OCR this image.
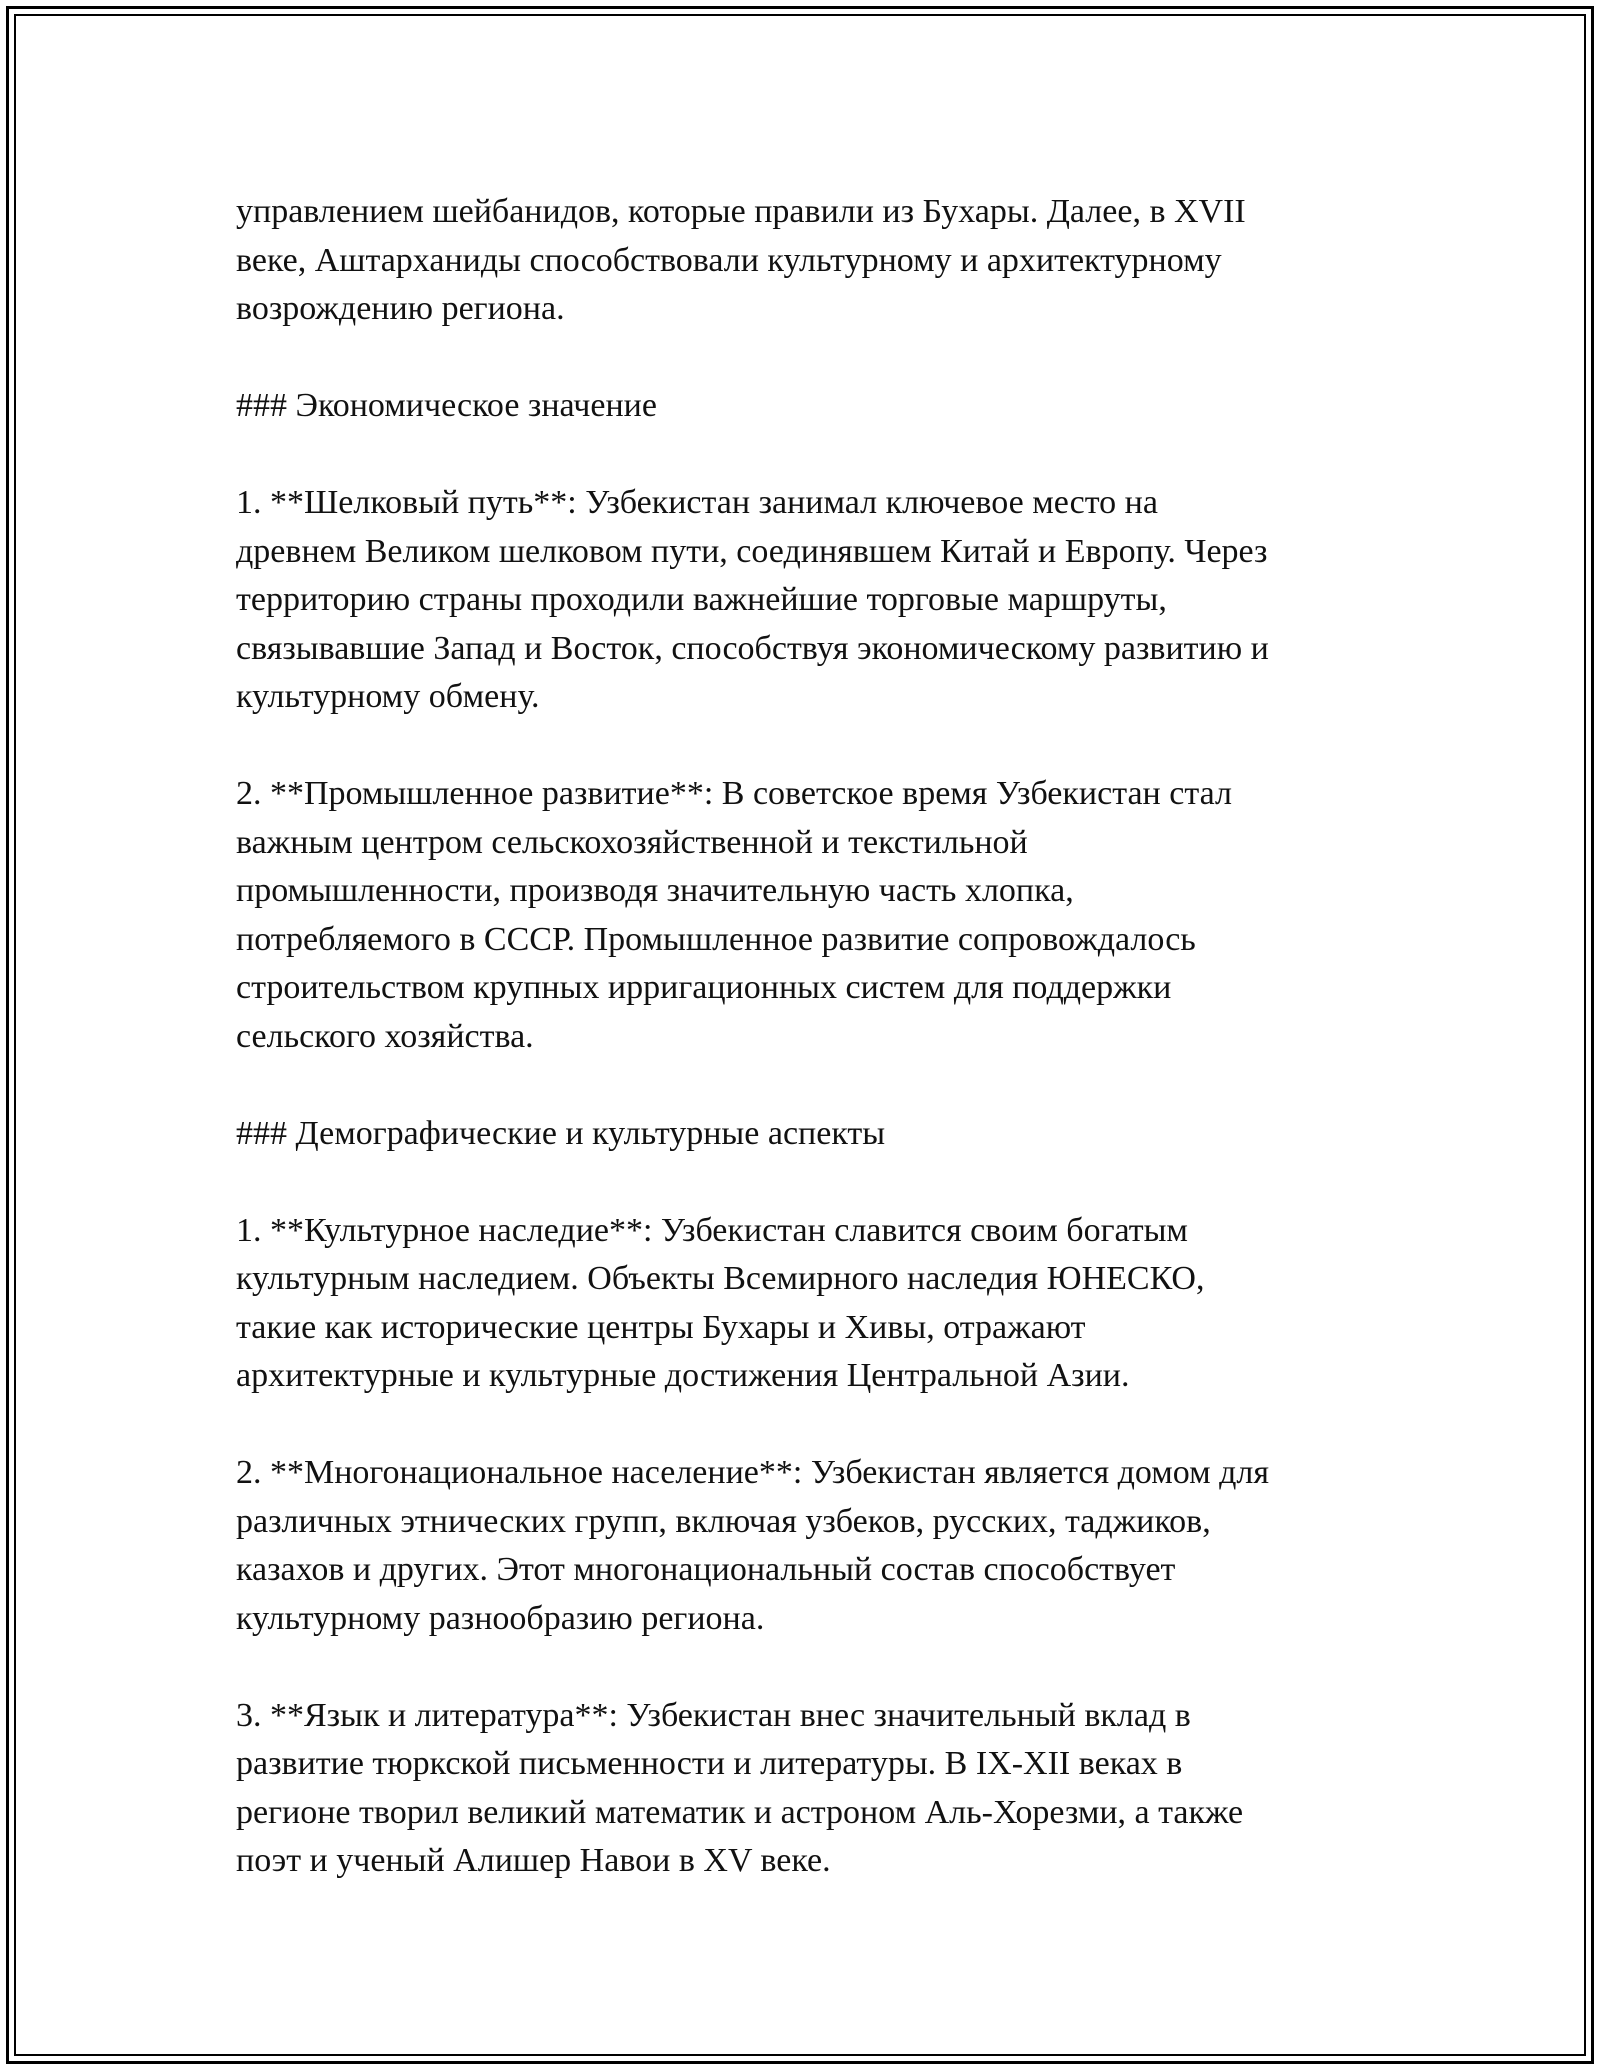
управлением шейбанидов, которые правили из Бухары. Далее, в XVII
веке, Аштарханиды способствовали культурному и архитектурному
возрождению региона.

### Экономическое значение

1. **Шелковый путь**: Узбекистан занимал ключевое место на
древнем Великом шелковом пути, соединявшем Китай и Европу. Через
территорию страны проходили важнейшие торговые маршруты,
связывавшие Запад и Восток, способствуя экономическому развитию и
культурному обмену.

2. **Промышленное развитие**: В советское время Узбекистан стал
важным центром сельскохозяйственной и текстильной
промышленности, производя значительную часть хлопка,
потребляемого в СССР. Промышленное развитие сопровождалось
строительством крупных ирригационных систем для поддержки
сельского хозяйства.

### Демографические и культурные аспекты

1. **Культурное наследие**: Узбекистан славится своим богатым
культурным наследием. Объекты Всемирного наследия ЮНЕСКО,
такие как исторические центры Бухары и Хивы, отражают
архитектурные и культурные достижения Центральной Азии.

2. **Многонациональное население**: Узбекистан является домом для
различных этнических групп, включая узбеков, русских, таджиков,
казахов и других. Этот многонациональный состав способствует
культурному разнообразию региона.

3. **Язык и литература**: Узбекистан внес значительный вклад в
развитие тюркской письменности и литературы. В IX-XII веках в
регионе творил великий математик и астроном Аль-Хорезми, а также
поэт и ученый Алишер Навои в XV веке.
